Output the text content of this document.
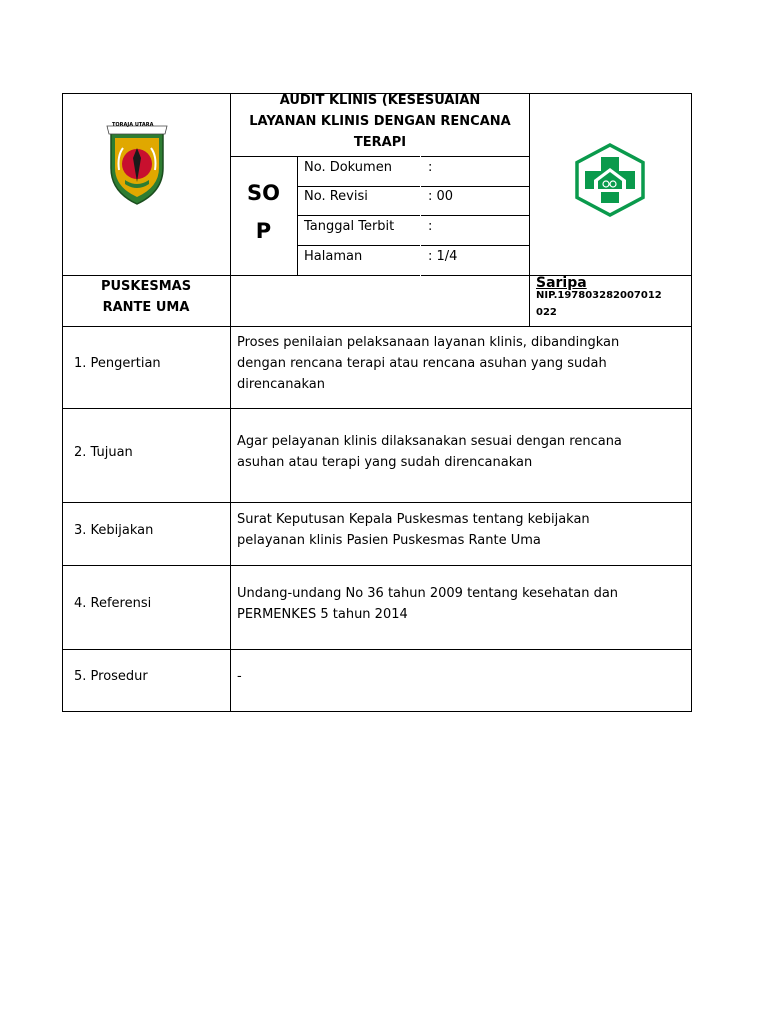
TORAJA UTARA
AUDIT KLINIS (KESESUAIAN
LAYANAN KLINIS DENGAN RENCANA
TERAPI
SO
P
No. Dokumen	:
No. Revisi	: 00
Tanggal Terbit	:
Halaman	: 1/4
PUSKESMAS
RANTE UMA
Saripa
NIP.197803282007012
022
1. Pengertian
Proses penilaian pelaksanaan layanan klinis, dibandingkan
dengan rencana terapi atau rencana asuhan yang sudah
direncanakan
2. Tujuan
Agar pelayanan klinis dilaksanakan sesuai dengan rencana
asuhan atau terapi yang sudah direncanakan
3. Kebijakan
Surat Keputusan Kepala Puskesmas tentang kebijakan
pelayanan klinis Pasien Puskesmas Rante Uma
4. Referensi
Undang-undang No 36 tahun 2009 tentang kesehatan dan
PERMENKES 5 tahun 2014
5. Prosedur	-
